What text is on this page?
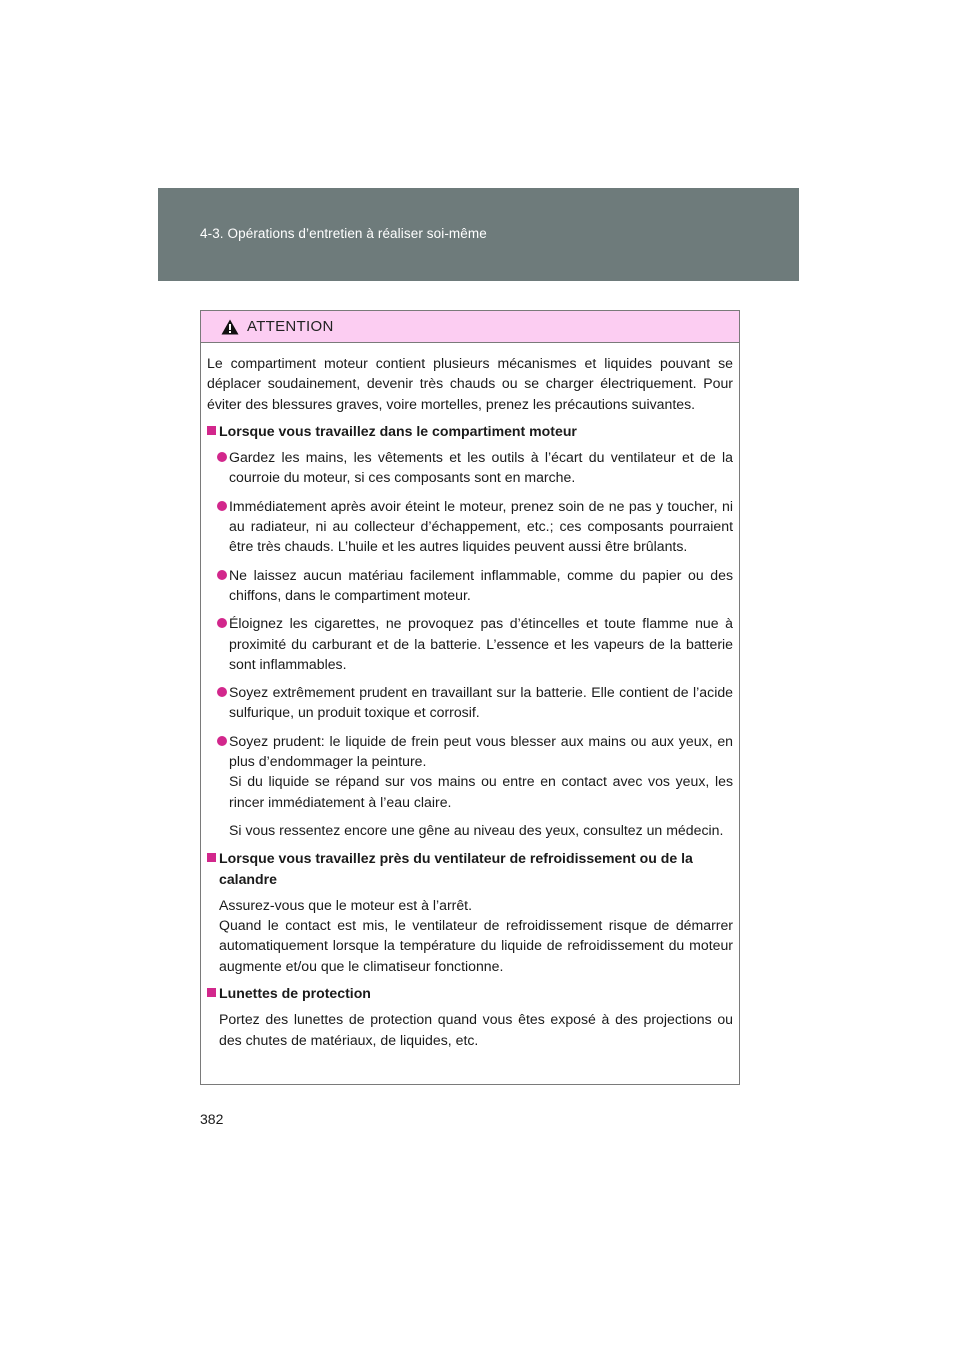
4-3. Opérations d’entretien à réaliser soi-même
ATTENTION

Le compartiment moteur contient plusieurs mécanismes et liquides pouvant se déplacer soudainement, devenir très chauds ou se charger électriquement. Pour éviter des blessures graves, voire mortelles, prenez les précautions suivantes.

Lorsque vous travaillez dans le compartiment moteur
Gardez les mains, les vêtements et les outils à l’écart du ventilateur et de la courroie du moteur, si ces composants sont en marche.
Immédiatement après avoir éteint le moteur, prenez soin de ne pas y toucher, ni au radiateur, ni au collecteur d’échappement, etc.; ces composants pourraient être très chauds. L’huile et les autres liquides peuvent aussi être brûlants.
Ne laissez aucun matériau facilement inflammable, comme du papier ou des chiffons, dans le compartiment moteur.
Éloignez les cigarettes, ne provoquez pas d’étincelles et toute flamme nue à proximité du carburant et de la batterie. L’essence et les vapeurs de la batterie sont inflammables.
Soyez extrêmement prudent en travaillant sur la batterie. Elle contient de l’acide sulfurique, un produit toxique et corrosif.
Soyez prudent: le liquide de frein peut vous blesser aux mains ou aux yeux, en plus d’endommager la peinture.
Si du liquide se répand sur vos mains ou entre en contact avec vos yeux, les rincer immédiatement à l’eau claire.
Si vous ressentez encore une gêne au niveau des yeux, consultez un médecin.
Lorsque vous travaillez près du ventilateur de refroidissement ou de la calandre
Assurez-vous que le moteur est à l’arrêt.
Quand le contact est mis, le ventilateur de refroidissement risque de démarrer automatiquement lorsque la température du liquide de refroidissement du moteur augmente et/ou que le climatiseur fonctionne.
Lunettes de protection
Portez des lunettes de protection quand vous êtes exposé à des projections ou des chutes de matériaux, de liquides, etc.
382
